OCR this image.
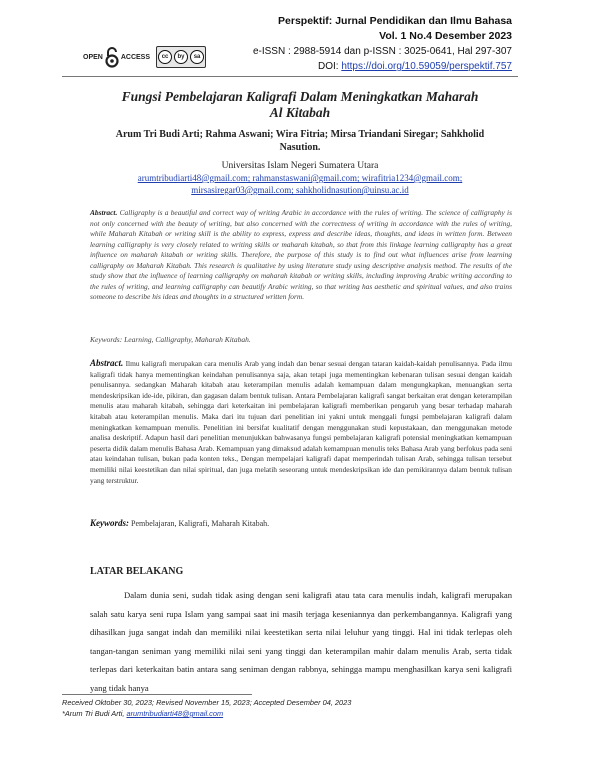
OPEN	ACCESS	cc	by	sa
Perspektif: Jurnal Pendidikan dan Ilmu Bahasa
Vol. 1 No.4 Desember 2023
e-ISSN : 2988-5914 dan p-ISSN : 3025-0641, Hal 297-307
DOI: https://doi.org/10.59059/perspektif.757
Fungsi Pembelajaran Kaligrafi Dalam Meningkatkan Maharah
Al Kitabah
Arum Tri Budi Arti; Rahma Aswani; Wira Fitria; Mirsa Triandani Siregar; Sahkholid
Nasution.
Universitas Islam Negeri Sumatera Utara
arumtribudiarti48@gmail.com; rahmanstaswani@gmail.com; wirafitria1234@gmail.com;
mirsasiregar03@gmail.com; sahkholidnasution@uinsu.ac.id
Abstract. Calligraphy is a beautiful and correct way of writing Arabic in accordance with the rules of writing. The science of calligraphy is not only concerned with the beauty of writing, but also concerned with the correctness of writing in accordance with the rules of writing, while Maharah Kitabah or writing skill is the ability to express, express and describe ideas, thoughts, and ideas in written form. Between learning calligraphy is very closely related to writing skills or maharah kitabah, so that from this linkage learning calligraphy has a great influence on maharah kitabah or writing skills. Therefore, the purpose of this study is to find out what influences arise from learning calligraphy on Maharah Kitabah. This research is qualitative by using literature study using descriptive analysis method. The results of the study show that the influence of learning calligraphy on maharah kitabah or writing skills, including improving Arabic writing according to the rules of writing, and learning calligraphy can beautify Arabic writing, so that writing has aesthetic and spiritual values, and also trains someone to describe his ideas and thoughts in a structured written form.
Keywords: Learning, Calligraphy, Maharah Kitabah.
Abstract. Ilmu kaligrafi merupakan cara menulis Arab yang indah dan benar sesuai dengan tataran kaidah-kaidah penulisannya. Pada ilmu kaligrafi tidak hanya mementingkan keindahan penulisannya saja, akan tetapi juga mementingkan kebenaran tulisan sesuai dengan kaidah penulisannya. sedangkan Maharah kitabah atau keterampilan menulis adalah kemampuan dalam mengungkapkan, menuangkan serta mendeskripsikan ide-ide, pikiran, dan gagasan dalam bentuk tulisan. Antara Pembelajaran kaligrafi sangat berkaitan erat dengan keterampilan menulis atau maharah kitabah, sehingga dari keterkaitan ini pembelajaran kaligrafi memberikan pengaruh yang besar terhadap maharah kitabah atau keterampilan menulis. Maka dari itu tujuan dari penelitian ini yakni untuk menggali fungsi pembelajaran kaligrafi dalam meningkatkan kemampuan menulis. Penelitian ini bersifat kualitatif dengan menggunakan studi kepustakaan, dan menggunakan metode analisa deskriptif. Adapun hasil dari penelitian menunjukkan bahwasanya fungsi pembelajaran kaligrafi potensial meningkatkan kemampuan peserta didik dalam menulis Bahasa Arab. Kemampuan yang dimaksud adalah kemampuan menulis teks Bahasa Arab yang berfokus pada seni atau keindahan tulisan, bukan pada konten teks., Dengan mempelajari kaligrafi dapat memperindah tulisan Arab, sehingga tulisan tersebut memiliki nilai keestetikan dan nilai spiritual, dan juga melatih seseorang untuk mendeskripsikan ide dan pemikirannya dalam bentuk tulisan yang terstruktur.
Keywords: Pembelajaran, Kaligrafi, Maharah Kitabah.
LATAR BELAKANG
Dalam dunia seni, sudah tidak asing dengan seni kaligrafi atau tata cara menulis indah, kaligrafi merupakan salah satu karya seni rupa Islam yang sampai saat ini masih terjaga keseniannya dan perkembangannya. Kaligrafi yang dihasilkan juga sangat indah dan memiliki nilai keestetikan serta nilai leluhur yang tinggi. Hal ini tidak terlepas oleh tangan-tangan seniman yang memiliki nilai seni yang tinggi dan keterampilan mahir dalam menulis Arab, serta tidak terlepas dari keterkaitan batin antara sang seniman dengan rabbnya, sehingga mampu menghasilkan karya seni kaligrafi yang tidak hanya
Received Oktober 30, 2023; Revised November 15, 2023; Accepted Desember 04, 2023
*Arum Tri Budi Arti, arumtribudiarti48@gmail.com
